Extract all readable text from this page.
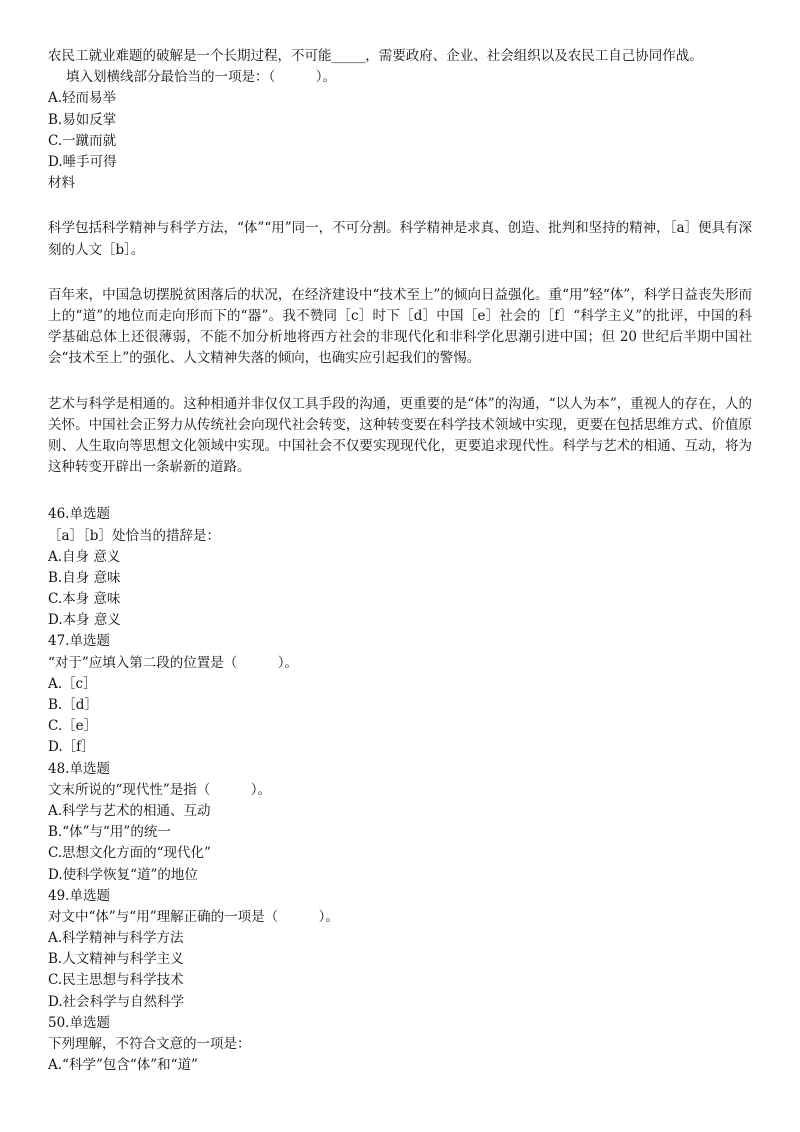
农民工就业难题的破解是一个长期过程，不可能_____，需要政府、企业、社会组织以及农民工自己协同作战。
填入划横线部分最恰当的一项是：（　　　）。
A.轻而易举
B.易如反掌
C.一蹴而就
D.唾手可得
材料
科学包括科学精神与科学方法，“体”“用”同一，不可分割。科学精神是求真、创造、批判和坚持的精神，［a］便具有深刻的人文［b］。
百年来，中国急切摆脱贫困落后的状况，在经济建设中“技术至上”的倾向日益强化。重“用”轻“体”，科学日益丧失形而上的“道”的地位而走向形而下的“器”。我不赞同［c］时下［d］中国［e］社会的［f］“科学主义”的批评，中国的科学基础总体上还很薄弱，不能不加分析地将西方社会的非现代化和非科学化思潮引进中国；但 20 世纪后半期中国社会“技术至上”的强化、人文精神失落的倾向，也确实应引起我们的警惕。
艺术与科学是相通的。这种相通并非仅仅工具手段的沟通，更重要的是“体”的沟通，“以人为本”，重视人的存在，人的关怀。中国社会正努力从传统社会向现代社会转变，这种转变要在科学技术领域中实现，更要在包括思维方式、价值原则、人生取向等思想文化领域中实现。中国社会不仅要实现现代化，更要追求现代性。科学与艺术的相通、互动，将为这种转变开辟出一条崭新的道路。
46.单选题
［a］［b］处恰当的措辞是：
A.自身 意义
B.自身 意味
C.本身 意味
D.本身 意义
47.单选题
“对于”应填入第二段的位置是（　　　）。
A.［c］
B.［d］
C.［e］
D.［f］
48.单选题
文末所说的“现代性”是指（　　　）。
A.科学与艺术的相通、互动
B.“体”与“用”的统一
C.思想文化方面的“现代化”
D.使科学恢复“道”的地位
49.单选题
对文中“体”与“用”理解正确的一项是（　　　）。
A.科学精神与科学方法
B.人文精神与科学主义
C.民主思想与科学技术
D.社会科学与自然科学
50.单选题
下列理解，不符合文意的一项是：
A.“科学”包含“体”和“道”
